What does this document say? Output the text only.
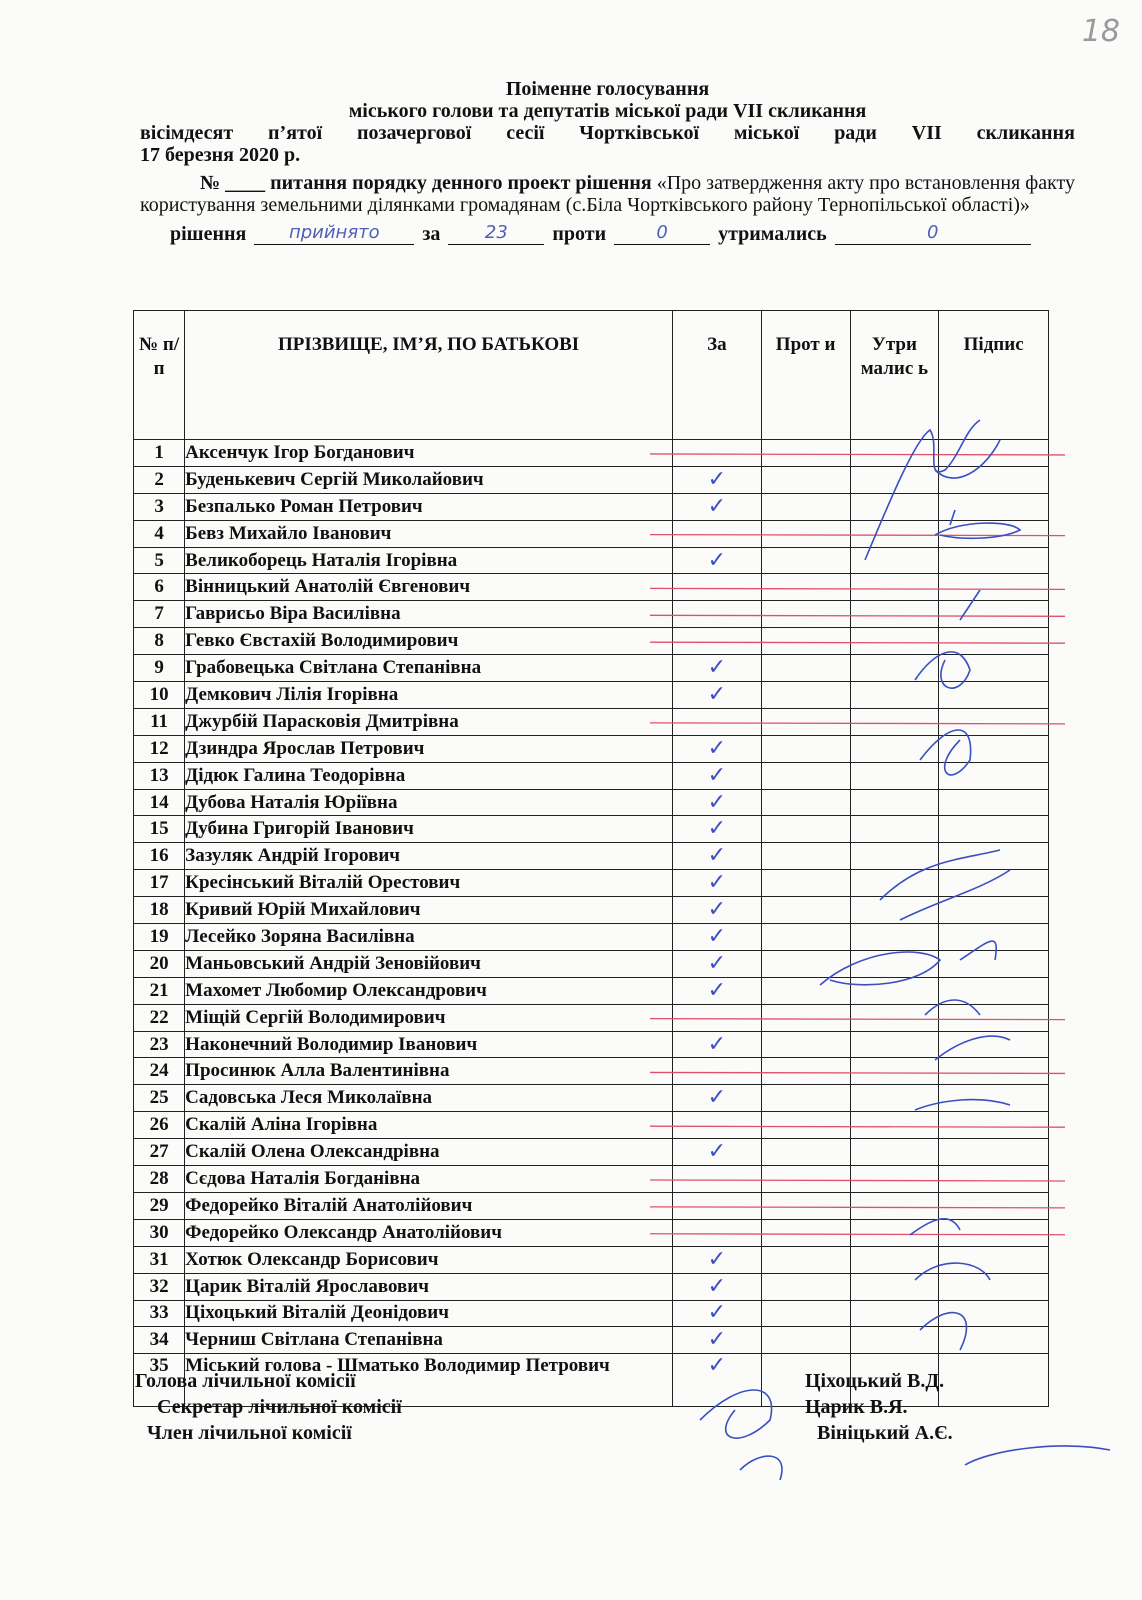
18
Поіменне голосування
міського голови та депутатів міської ради VII скликання
вісімдесят п’ятої позачергової сесії Чортківської міської ради VII скликання
17 березня 2020 р.
№ ____ питання порядку денного проект рішення «Про затвердження акту про встановлення факту користування земельними ділянками громадянам (с.Біла Чортківського району Тернопільської області)»
рішення	прийнято	за	23	проти	0	утримались	0
№ п/п	ПРІЗВИЩЕ, ІМ’Я, ПО БАТЬКОВІ	За	Прот и	Утри малис ь	Підпис
1	Аксенчук Ігор Богданович				
2	Буденькевич Сергій Миколайович	✓			
3	Безпалько Роман Петрович	✓			
4	Бевз Михайло Іванович				
5	Великоборець Наталія Ігорівна	✓			
6	Вінницький Анатолій Євгенович				
7	Гаврисьо Віра Василівна				
8	Гевко Євстахій Володимирович				
9	Грабовецька Світлана Степанівна	✓			
10	Демкович Лілія Ігорівна	✓			
11	Джурбій Парасковія Дмитрівна				
12	Дзиндра Ярослав Петрович	✓			
13	Дідюк Галина Теодорівна	✓			
14	Дубова Наталія Юріївна	✓			
15	Дубина Григорій Іванович	✓			
16	Зазуляк Андрій Ігорович	✓			
17	Кресінський Віталій Орестович	✓			
18	Кривий Юрій Михайлович	✓			
19	Лесейко Зоряна Василівна	✓			
20	Маньовський Андрій Зеновійович	✓			
21	Махомет Любомир Олександрович	✓			
22	Міщій Сергій Володимирович				
23	Наконечний Володимир Іванович	✓			
24	Просинюк Алла Валентинівна				
25	Садовська Леся Миколаївна	✓			
26	Скалій Аліна Ігорівна				
27	Скалій Олена Олександрівна	✓			
28	Сєдова Наталія Богданівна				
29	Федорейко Віталій Анатолійович				
30	Федорейко Олександр Анатолійович				
31	Хотюк Олександр Борисович	✓			
32	Царик Віталій Ярославович	✓			
33	Ціхоцький Віталій Деонідович	✓			
34	Черниш Світлана Степанівна	✓			
35	Міський голова - Шматько Володимир Петрович	✓			
Голова лічильної комісії	Ціхоцький В.Д.
Секретар лічильної комісії	Царик В.Я.
Член лічильної комісії	Вініцький А.Є.
